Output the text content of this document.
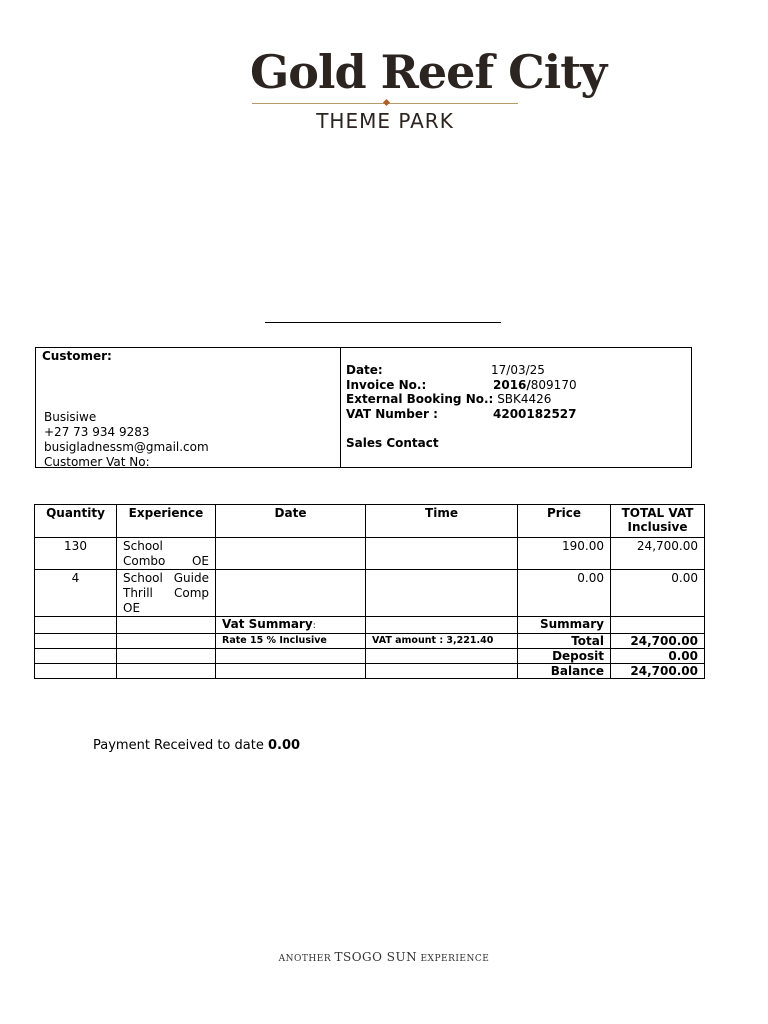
Gold Reef City
THEME PARK
Customer:
Busisiwe
+27 73 934 9283
busigladnessm@gmail.com
Customer Vat No:
Date:	17/03/25
Invoice No.:	2016/809170
External Booking No.: SBK4426
VAT Number :	4200182527
Sales Contact
Quantity	Experience	Date	Time	Price	TOTAL VAT Inclusive
130	School Combo OE			190.00	24,700.00
4	School Guide Thrill Comp OE			0.00	0.00
		Vat Summary:		Summary	
		Rate 15 % Inclusive	VAT amount : 3,221.40	Total	24,700.00
				Deposit	0.00
				Balance	24,700.00
Payment Received to date 0.00
ANOTHER TSOGO SUN EXPERIENCE
